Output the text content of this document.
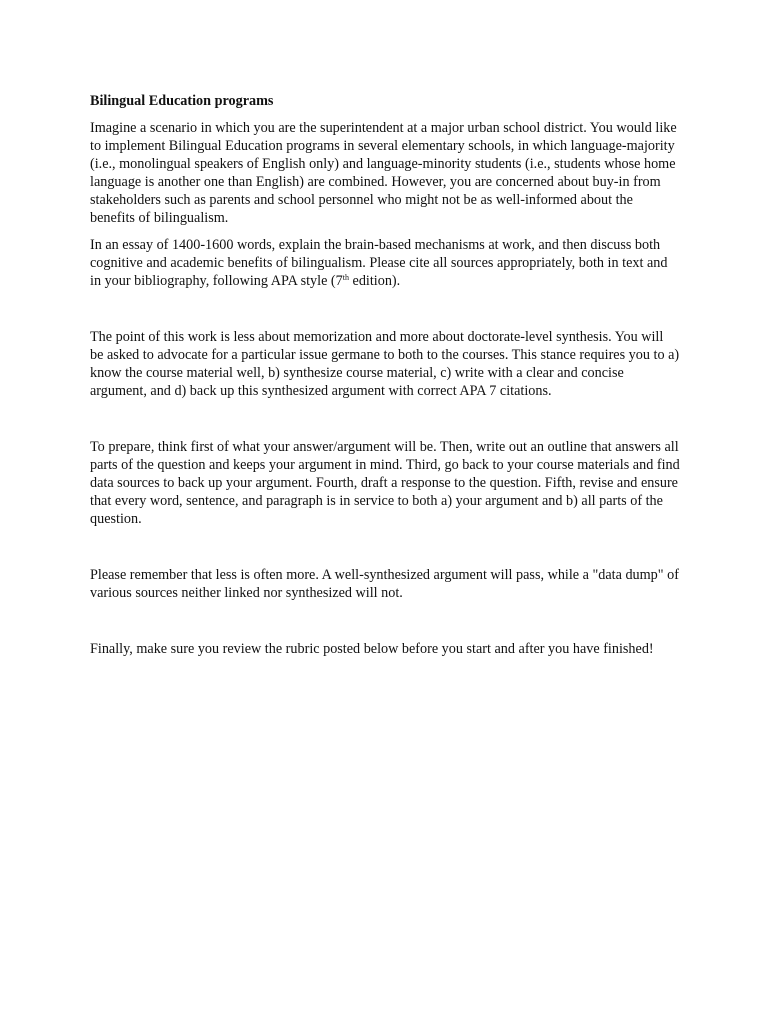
Bilingual Education programs

Imagine a scenario in which you are the superintendent at a major urban school district. You would like to implement Bilingual Education programs in several elementary schools, in which language-majority (i.e., monolingual speakers of English only) and language-minority students (i.e., students whose home language is another one than English) are combined. However, you are concerned about buy-in from stakeholders such as parents and school personnel who might not be as well-informed about the benefits of bilingualism.

In an essay of 1400-1600 words, explain the brain-based mechanisms at work, and then discuss both cognitive and academic benefits of bilingualism. Please cite all sources appropriately, both in text and in your bibliography, following APA style (7th edition).

The point of this work is less about memorization and more about doctorate-level synthesis. You will be asked to advocate for a particular issue germane to both to the courses. This stance requires you to a) know the course material well, b) synthesize course material, c) write with a clear and concise argument, and d) back up this synthesized argument with correct APA 7 citations.

To prepare, think first of what your answer/argument will be. Then, write out an outline that answers all parts of the question and keeps your argument in mind. Third, go back to your course materials and find data sources to back up your argument. Fourth, draft a response to the question. Fifth, revise and ensure that every word, sentence, and paragraph is in service to both a) your argument and b) all parts of the question.

Please remember that less is often more. A well-synthesized argument will pass, while a "data dump" of various sources neither linked nor synthesized will not.

Finally, make sure you review the rubric posted below before you start and after you have finished!
